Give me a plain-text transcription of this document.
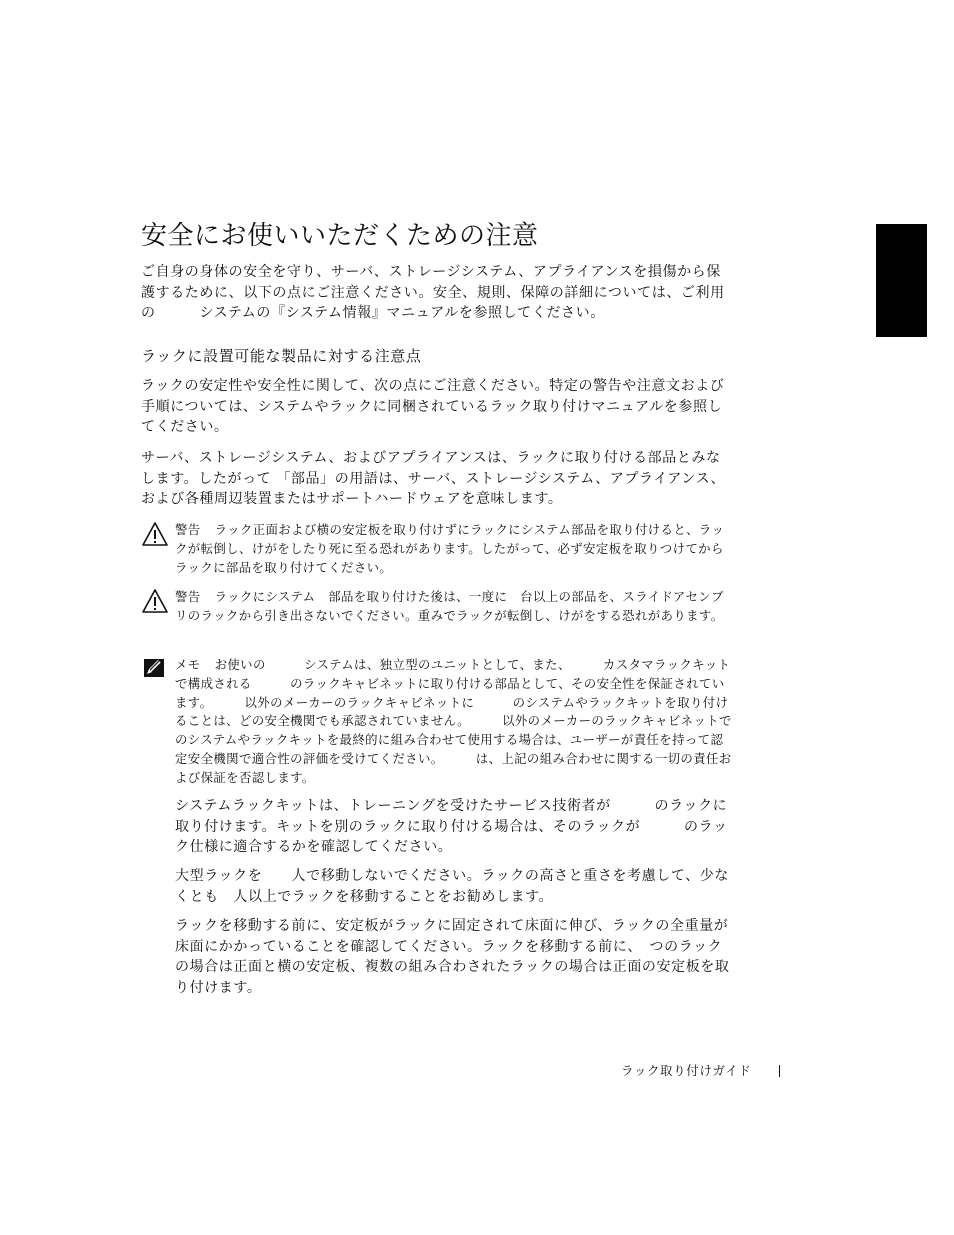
安全にお使いいただくための注意

ご自身の身体の安全を守り、サーバ、ストレージシステム、アプライアンスを損傷から保護するために、以下の点にご注意ください。安全、規則、保障の詳細については、ご利用の　　　システムの『システム情報』マニュアルを参照してください。

ラックに設置可能な製品に対する注意点

ラックの安定性や安全性に関して、次の点にご注意ください。特定の警告や注意文および手順については、システムやラックに同梱されているラック取り付けマニュアルを参照してください。

サーバ、ストレージシステム、およびアプライアンスは、ラックに取り付ける部品とみなします。したがって 「部品」の用語は、サーバ、ストレージシステム、アプライアンス、および各種周辺装置またはサポートハードウェアを意味します。

警告 ラック正面および横の安定板を取り付けずにラックにシステム部品を取り付けると、ラックが転倒し、けがをしたり死に至る恐れがあります。したがって、必ず安定板を取りつけてからラックに部品を取り付けてください。

警告 ラックにシステム　部品を取り付けた後は、一度に　台以上の部品を、スライドアセンブリのラックから引き出さないでください。重みでラックが転倒し、けがをする恐れがあります。

メモ お使いの　　　システムは、独立型のユニットとして、また、　　　カスタマラックキットで構成される　　　のラックキャビネットに取り付ける部品として、その安全性を保証されています。　　　以外のメーカーのラックキャビネットに　　　のシステムやラックキットを取り付けることは、どの安全機関でも承認されていません。　　　以外のメーカーのラックキャビネットで　　　のシステムやラックキットを最終的に組み合わせて使用する場合は、ユーザーが責任を持って認定安全機関で適合性の評価を受けてください。　　　は、上記の組み合わせに関する一切の責任および保証を否認します。

システムラックキットは、トレーニングを受けたサービス技術者が　　　のラックに取り付けます。キットを別のラックに取り付ける場合は、そのラックが　　　のラック仕様に適合するかを確認してください。

大型ラックを　　人で移動しないでください。ラックの高さと重さを考慮して、少なくとも　人以上でラックを移動することをお勧めします。

ラックを移動する前に、安定板がラックに固定されて床面に伸び、ラックの全重量が床面にかかっていることを確認してください。ラックを移動する前に、　つのラックの場合は正面と横の安定板、複数の組み合わされたラックの場合は正面の安定板を取り付けます。

ラック取り付けガイド
